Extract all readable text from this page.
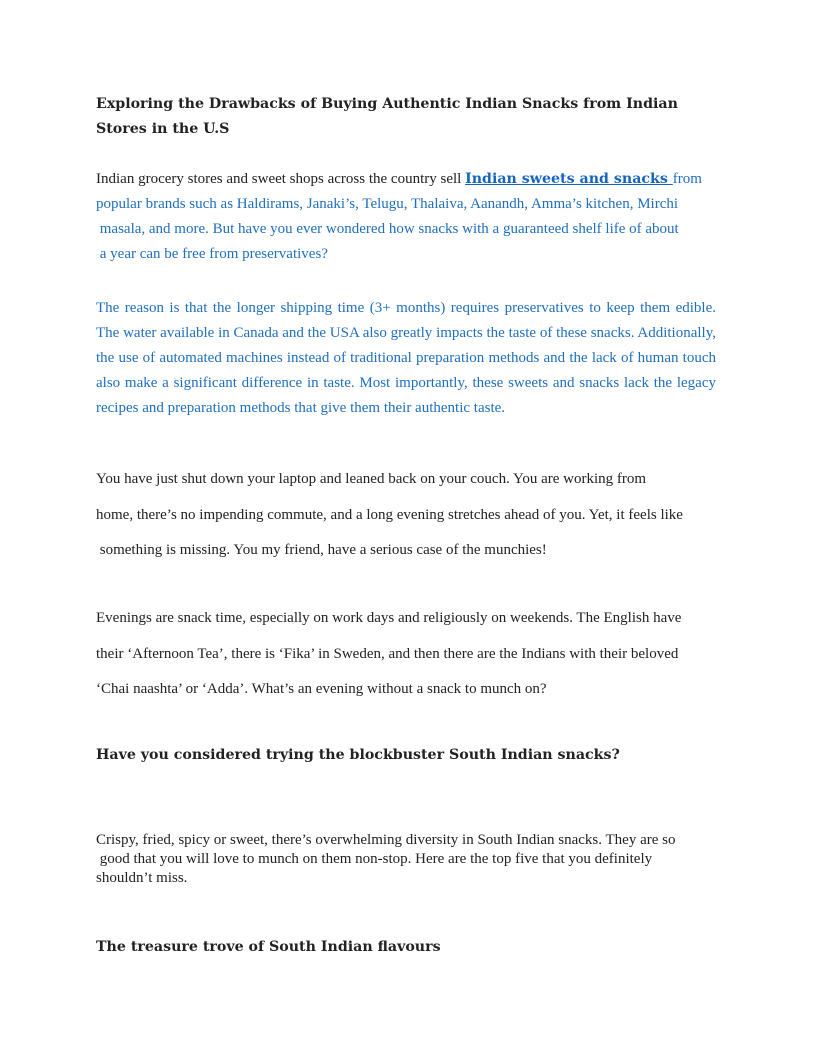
Exploring the Drawbacks of Buying Authentic Indian Snacks from Indian Stores in the U.S

Indian grocery stores and sweet shops across the country sell Indian sweets and snacks from

popular brands such as Haldirams, Janaki’s, Telugu, Thalaiva, Aanandh, Amma’s kitchen, Mirchi

masala, and more. But have you ever wondered how snacks with a guaranteed shelf life of about

a year can be free from preservatives?

The reason is that the longer shipping time (3+ months) requires preservatives to keep them edible. The water available in Canada and the USA also greatly impacts the taste of these snacks. Additionally, the use of automated machines instead of traditional preparation methods and the lack of human touch also make a significant difference in taste. Most importantly, these sweets and snacks lack the legacy recipes and preparation methods that give them their authentic taste.

You have just shut down your laptop and leaned back on your couch. You are working from

home, there’s no impending commute, and a long evening stretches ahead of you. Yet, it feels like

something is missing. You my friend, have a serious case of the munchies!

Evenings are snack time, especially on work days and religiously on weekends. The English have

their ‘Afternoon Tea’, there is ‘Fika’ in Sweden, and then there are the Indians with their beloved

‘Chai naashta’ or ‘Adda’. What’s an evening without a snack to munch on?

Have you considered trying the blockbuster South Indian snacks?

Crispy, fried, spicy or sweet, there’s overwhelming diversity in South Indian snacks. They are so

good that you will love to munch on them non-stop. Here are the top five that you definitely

shouldn’t miss.

The treasure trove of South Indian flavours
